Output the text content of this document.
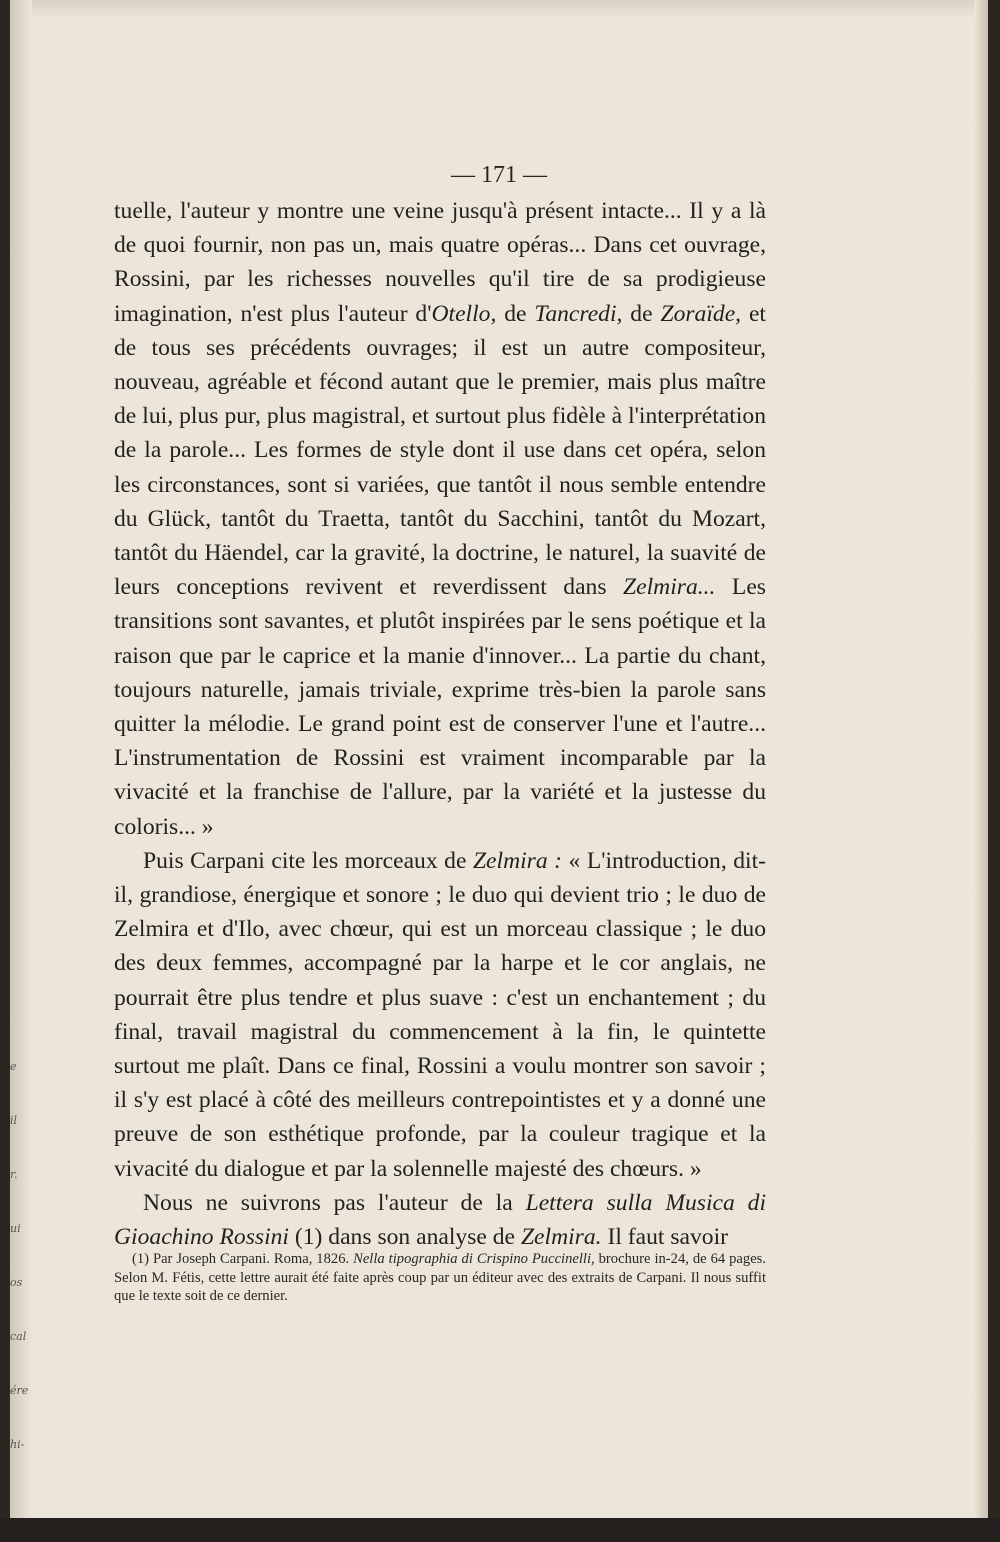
e
il
r.
ui
os
cal
ére
hi-
— 171 —

tuelle, l'auteur y montre une veine jusqu'à présent intacte... Il y a là de quoi fournir, non pas un, mais quatre opéras... Dans cet ouvrage, Rossini, par les richesses nouvelles qu'il tire de sa prodigieuse imagination, n'est plus l'auteur d'Otello, de Tancredi, de Zoraïde, et de tous ses précédents ouvrages; il est un autre compositeur, nouveau, agréable et fécond autant que le premier, mais plus maître de lui, plus pur, plus magistral, et surtout plus fidèle à l'interprétation de la parole... Les formes de style dont il use dans cet opéra, selon les circonstances, sont si variées, que tantôt il nous semble entendre du Glück, tantôt du Traetta, tantôt du Sacchini, tantôt du Mozart, tantôt du Häendel, car la gravité, la doctrine, le naturel, la suavité de leurs conceptions revivent et reverdissent dans Zelmira... Les transitions sont savantes, et plutôt inspirées par le sens poétique et la raison que par le caprice et la manie d'innover... La partie du chant, toujours naturelle, jamais triviale, exprime très-bien la parole sans quitter la mélodie. Le grand point est de conserver l'une et l'autre... L'instrumentation de Rossini est vraiment incomparable par la vivacité et la franchise de l'allure, par la variété et la justesse du coloris... »

Puis Carpani cite les morceaux de Zelmira : « L'introduction, dit-il, grandiose, énergique et sonore ; le duo qui devient trio ; le duo de Zelmira et d'Ilo, avec chœur, qui est un morceau classique ; le duo des deux femmes, accompagné par la harpe et le cor anglais, ne pourrait être plus tendre et plus suave : c'est un enchantement ; du final, travail magistral du commencement à la fin, le quintette surtout me plaît. Dans ce final, Rossini a voulu montrer son savoir ; il s'y est placé à côté des meilleurs contrepointistes et y a donné une preuve de son esthétique profonde, par la couleur tragique et la vivacité du dialogue et par la solennelle majesté des chœurs. »

Nous ne suivrons pas l'auteur de la Lettera sulla Musica di Gioachino Rossini (1) dans son analyse de Zelmira. Il faut savoir

(1) Par Joseph Carpani. Roma, 1826. Nella tipographia di Crispino Puccinelli, brochure in-24, de 64 pages. Selon M. Fétis, cette lettre aurait été faite après coup par un éditeur avec des extraits de Carpani. Il nous suffit que le texte soit de ce dernier.
